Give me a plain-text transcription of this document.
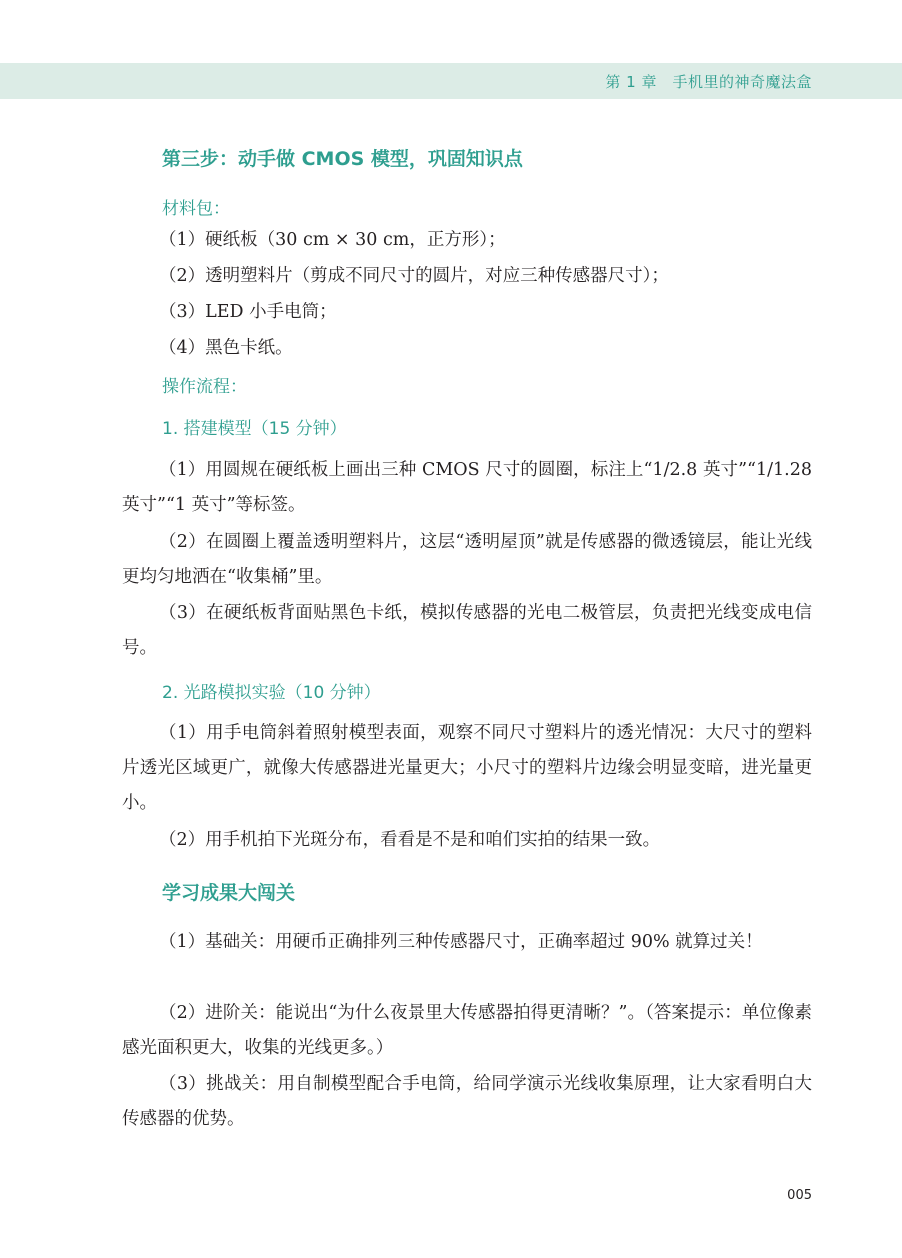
第 1 章　手机里的神奇魔法盒
第三步：动手做 CMOS 模型，巩固知识点
材料包：

（1）硬纸板（30 cm × 30 cm，正方形）；

（2）透明塑料片（剪成不同尺寸的圆片，对应三种传感器尺寸）；

（3）LED 小手电筒；

（4）黑色卡纸。

操作流程：
1. 搭建模型（15 分钟）

（1）用圆规在硬纸板上画出三种 CMOS 尺寸的圆圈，标注上“1/2.8 英寸”“1/1.28 英寸”“1 英寸”等标签。

（2）在圆圈上覆盖透明塑料片，这层“透明屋顶”就是传感器的微透镜层，能让光线更均匀地洒在“收集桶”里。

（3）在硬纸板背面贴黑色卡纸，模拟传感器的光电二极管层，负责把光线变成电信号。

2. 光路模拟实验（10 分钟）

（1）用手电筒斜着照射模型表面，观察不同尺寸塑料片的透光情况：大尺寸的塑料片透光区域更广，就像大传感器进光量更大；小尺寸的塑料片边缘会明显变暗，进光量更小。

（2）用手机拍下光斑分布，看看是不是和咱们实拍的结果一致。

学习成果大闯关

（1）基础关：用硬币正确排列三种传感器尺寸，正确率超过 90% 就算过关！

（2）进阶关：能说出“为什么夜景里大传感器拍得更清晰？”。（答案提示：单位像素感光面积更大，收集的光线更多。）

（3）挑战关：用自制模型配合手电筒，给同学演示光线收集原理，让大家看明白大传感器的优势。

005
